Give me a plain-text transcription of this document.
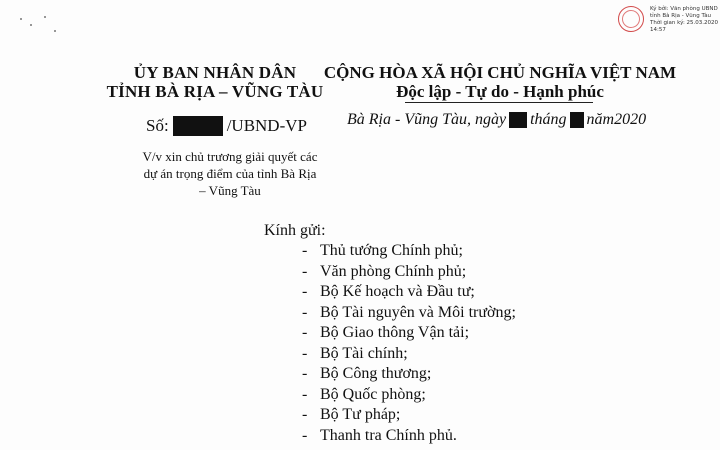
Ký bởi: Văn phòng UBND
tỉnh Bà Rịa - Vũng Tàu
Thời gian ký: 25.03.2020
14:57
ỦY BAN NHÂN DÂN
TỈNH BÀ RỊA – VŨNG TÀU
Số:	/UBND-VP
V/v xin chủ trương giải quyết các dự án trọng điểm của tỉnh Bà Rịa – Vũng Tàu
CỘNG HÒA XÃ HỘI CHỦ NGHĨA VIỆT NAM
Độc lập - Tự do - Hạnh phúc
Bà Rịa - Vũng Tàu, ngày tháng năm2020
Kính gửi:
- Thủ tướng Chính phủ;
- Văn phòng Chính phủ;
- Bộ Kế hoạch và Đầu tư;
- Bộ Tài nguyên và Môi trường;
- Bộ Giao thông Vận tải;
- Bộ Tài chính;
- Bộ Công thương;
- Bộ Quốc phòng;
- Bộ Tư pháp;
- Thanh tra Chính phủ.
